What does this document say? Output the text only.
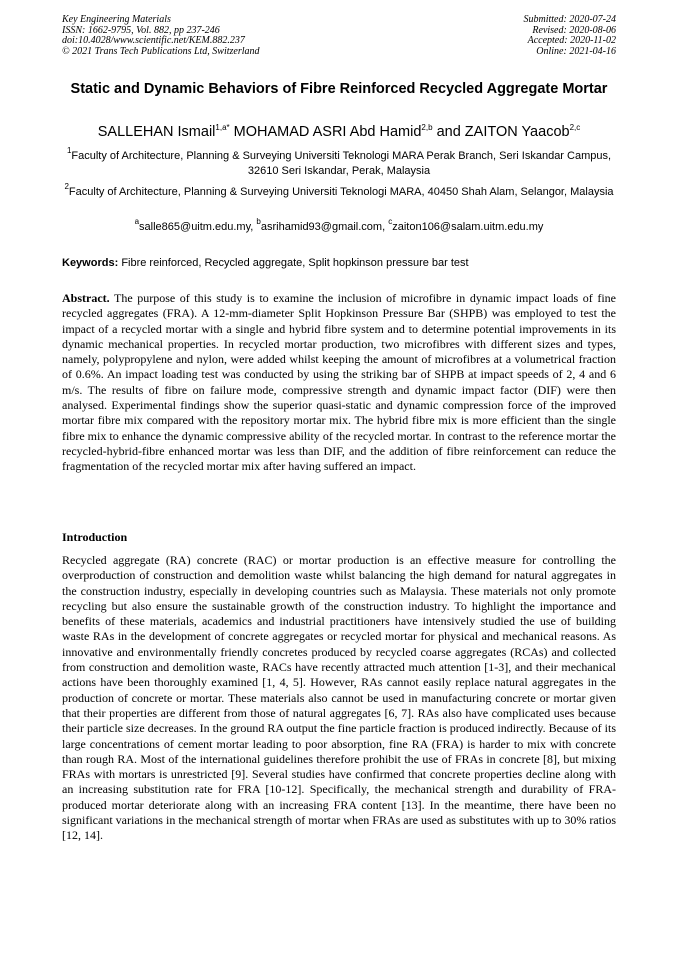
Key Engineering Materials
ISSN: 1662-9795, Vol. 882, pp 237-246
doi:10.4028/www.scientific.net/KEM.882.237
© 2021 Trans Tech Publications Ltd, Switzerland
Submitted: 2020-07-24
Revised: 2020-08-06
Accepted: 2020-11-02
Online: 2021-04-16
Static and Dynamic Behaviors of Fibre Reinforced Recycled Aggregate Mortar
SALLEHAN Ismail$^{1,a*}$ MOHAMAD ASRI Abd Hamid$^{2,b}$ and ZAITON Yaacob$^{2,c}$
$^1$Faculty of Architecture, Planning & Surveying Universiti Teknologi MARA Perak Branch, Seri Iskandar Campus, 32610 Seri Iskandar, Perak, Malaysia
$^2$Faculty of Architecture, Planning & Surveying Universiti Teknologi MARA, 40450 Shah Alam, Selangor, Malaysia
$^a$salle865@uitm.edu.my, $^b$asrihamid93@gmail.com, $^c$zaiton106@salam.uitm.edu.my
Keywords: Fibre reinforced, Recycled aggregate, Split hopkinson pressure bar test
Abstract. The purpose of this study is to examine the inclusion of microfibre in dynamic impact loads of fine recycled aggregates (FRA). A 12-mm-diameter Split Hopkinson Pressure Bar (SHPB) was employed to test the impact of a recycled mortar with a single and hybrid fibre system and to determine potential improvements in its dynamic mechanical properties. In recycled mortar production, two microfibres with different sizes and types, namely, polypropylene and nylon, were added whilst keeping the amount of microfibres at a volumetrical fraction of 0.6%. An impact loading test was conducted by using the striking bar of SHPB at impact speeds of 2, 4 and 6 m/s. The results of fibre on failure mode, compressive strength and dynamic impact factor (DIF) were then analysed. Experimental findings show the superior quasi-static and dynamic compression force of the improved mortar fibre mix compared with the repository mortar mix. The hybrid fibre mix is more efficient than the single fibre mix to enhance the dynamic compressive ability of the recycled mortar. In contrast to the reference mortar the recycled-hybrid-fibre enhanced mortar was less than DIF, and the addition of fibre reinforcement can reduce the fragmentation of the recycled mortar mix after having suffered an impact.
Introduction
Recycled aggregate (RA) concrete (RAC) or mortar production is an effective measure for controlling the overproduction of construction and demolition waste whilst balancing the high demand for natural aggregates in the construction industry, especially in developing countries such as Malaysia. These materials not only promote recycling but also ensure the sustainable growth of the construction industry. To highlight the importance and benefits of these materials, academics and industrial practitioners have intensively studied the use of building waste RAs in the development of concrete aggregates or recycled mortar for physical and mechanical reasons. As innovative and environmentally friendly concretes produced by recycled coarse aggregates (RCAs) and collected from construction and demolition waste, RACs have recently attracted much attention [1-3], and their mechanical actions have been thoroughly examined [1, 4, 5]. However, RAs cannot easily replace natural aggregates in the production of concrete or mortar. These materials also cannot be used in manufacturing concrete or mortar given that their properties are different from those of natural aggregates [6, 7]. RAs also have complicated uses because their particle size decreases. In the ground RA output the fine particle fraction is produced indirectly. Because of its large concentrations of cement mortar leading to poor absorption, fine RA (FRA) is harder to mix with concrete than rough RA. Most of the international guidelines therefore prohibit the use of FRAs in concrete [8], but mixing FRAs with mortars is unrestricted [9]. Several studies have confirmed that concrete properties decline along with an increasing substitution rate for FRA [10-12]. Specifically, the mechanical strength and durability of FRA-produced mortar deteriorate along with an increasing FRA content [13]. In the meantime, there have been no significant variations in the mechanical strength of mortar when FRAs are used as substitutes with up to 30% ratios [12, 14].
